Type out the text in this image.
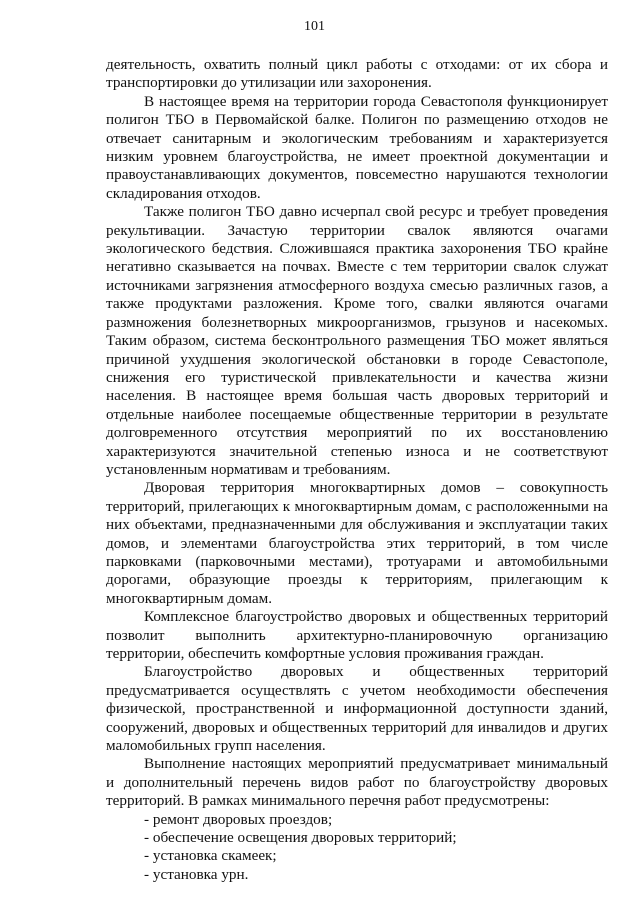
101

деятельность, охватить полный цикл работы с отходами: от их сбора и транспортировки до утилизации или захоронения.

В настоящее время на территории города Севастополя функционирует полигон ТБО в Первомайской балке. Полигон по размещению отходов не отвечает санитарным и экологическим требованиям и характеризуется низким уровнем благоустройства, не имеет проектной документации и правоустанавливающих документов, повсеместно нарушаются технологии складирования отходов.

Также полигон ТБО давно исчерпал свой ресурс и требует проведения рекультивации. Зачастую территории свалок являются очагами экологического бедствия. Сложившаяся практика захоронения ТБО крайне негативно сказывается на почвах. Вместе с тем территории свалок служат источниками загрязнения атмосферного воздуха смесью различных газов, а также продуктами разложения. Кроме того, свалки являются очагами размножения болезнетворных микроорганизмов, грызунов и насекомых. Таким образом, система бесконтрольного размещения ТБО может являться причиной ухудшения экологической обстановки в городе Севастополе, снижения его туристической привлекательности и качества жизни населения. В настоящее время большая часть дворовых территорий и отдельные наиболее посещаемые общественные территории в результате долговременного отсутствия мероприятий по их восстановлению характеризуются значительной степенью износа и не соответствуют установленным нормативам и требованиям.

Дворовая территория многоквартирных домов – совокупность территорий, прилегающих к многоквартирным домам, с расположенными на них объектами, предназначенными для обслуживания и эксплуатации таких домов, и элементами благоустройства этих территорий, в том числе парковками (парковочными местами), тротуарами и автомобильными дорогами, образующие проезды к территориям, прилегающим к многоквартирным домам.

Комплексное благоустройство дворовых и общественных территорий позволит выполнить архитектурно-планировочную организацию территории, обеспечить комфортные условия проживания граждан.

Благоустройство дворовых и общественных территорий предусматривается осуществлять с учетом необходимости обеспечения физической, пространственной и информационной доступности зданий, сооружений, дворовых и общественных территорий для инвалидов и других маломобильных групп населения.

Выполнение настоящих мероприятий предусматривает минимальный и дополнительный перечень видов работ по благоустройству дворовых территорий. В рамках минимального перечня работ предусмотрены:

- ремонт дворовых проездов;
- обеспечение освещения дворовых территорий;
- установка скамеек;
- установка урн.
